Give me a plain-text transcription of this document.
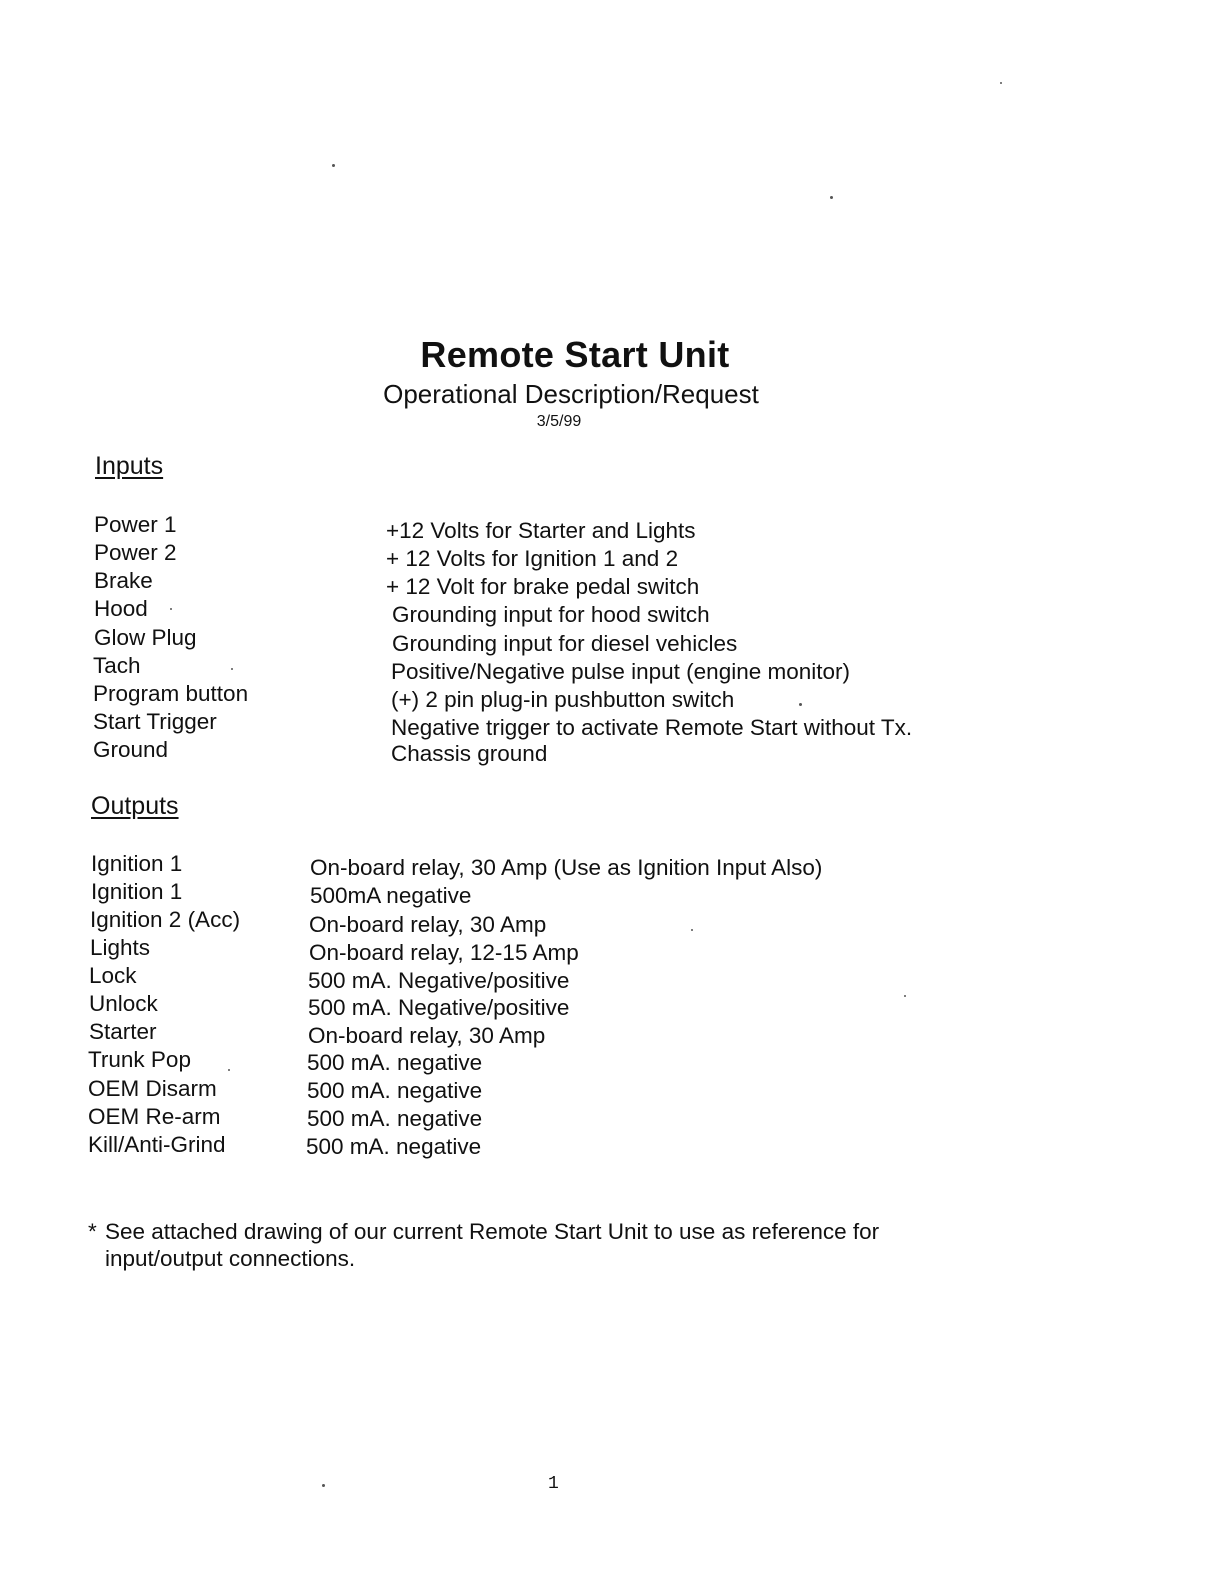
Remote Start Unit
Operational Description/Request
3/5/99
Inputs
Power 1	+12 Volts for Starter and Lights
Power 2	+ 12 Volts for Ignition 1 and 2
Brake	+ 12 Volt for brake pedal switch
Hood	Grounding input for hood switch
Glow Plug	Grounding input for diesel vehicles
Tach	Positive/Negative pulse input (engine monitor)
Program button	(+) 2 pin plug-in pushbutton switch
Start Trigger	Negative trigger to activate Remote Start without Tx.
Ground	Chassis ground
Outputs
Ignition 1	On-board relay, 30 Amp (Use as Ignition Input Also)
Ignition 1	500mA negative
Ignition 2 (Acc)	On-board relay, 30 Amp
Lights	On-board relay, 12-15 Amp
Lock	500 mA. Negative/positive
Unlock	500 mA. Negative/positive
Starter	On-board relay, 30 Amp
Trunk Pop	500 mA. negative
OEM Disarm	500 mA. negative
OEM Re-arm	500 mA. negative
Kill/Anti-Grind	500 mA. negative
* See attached drawing of our current Remote Start Unit to use as reference for input/output connections.
1
